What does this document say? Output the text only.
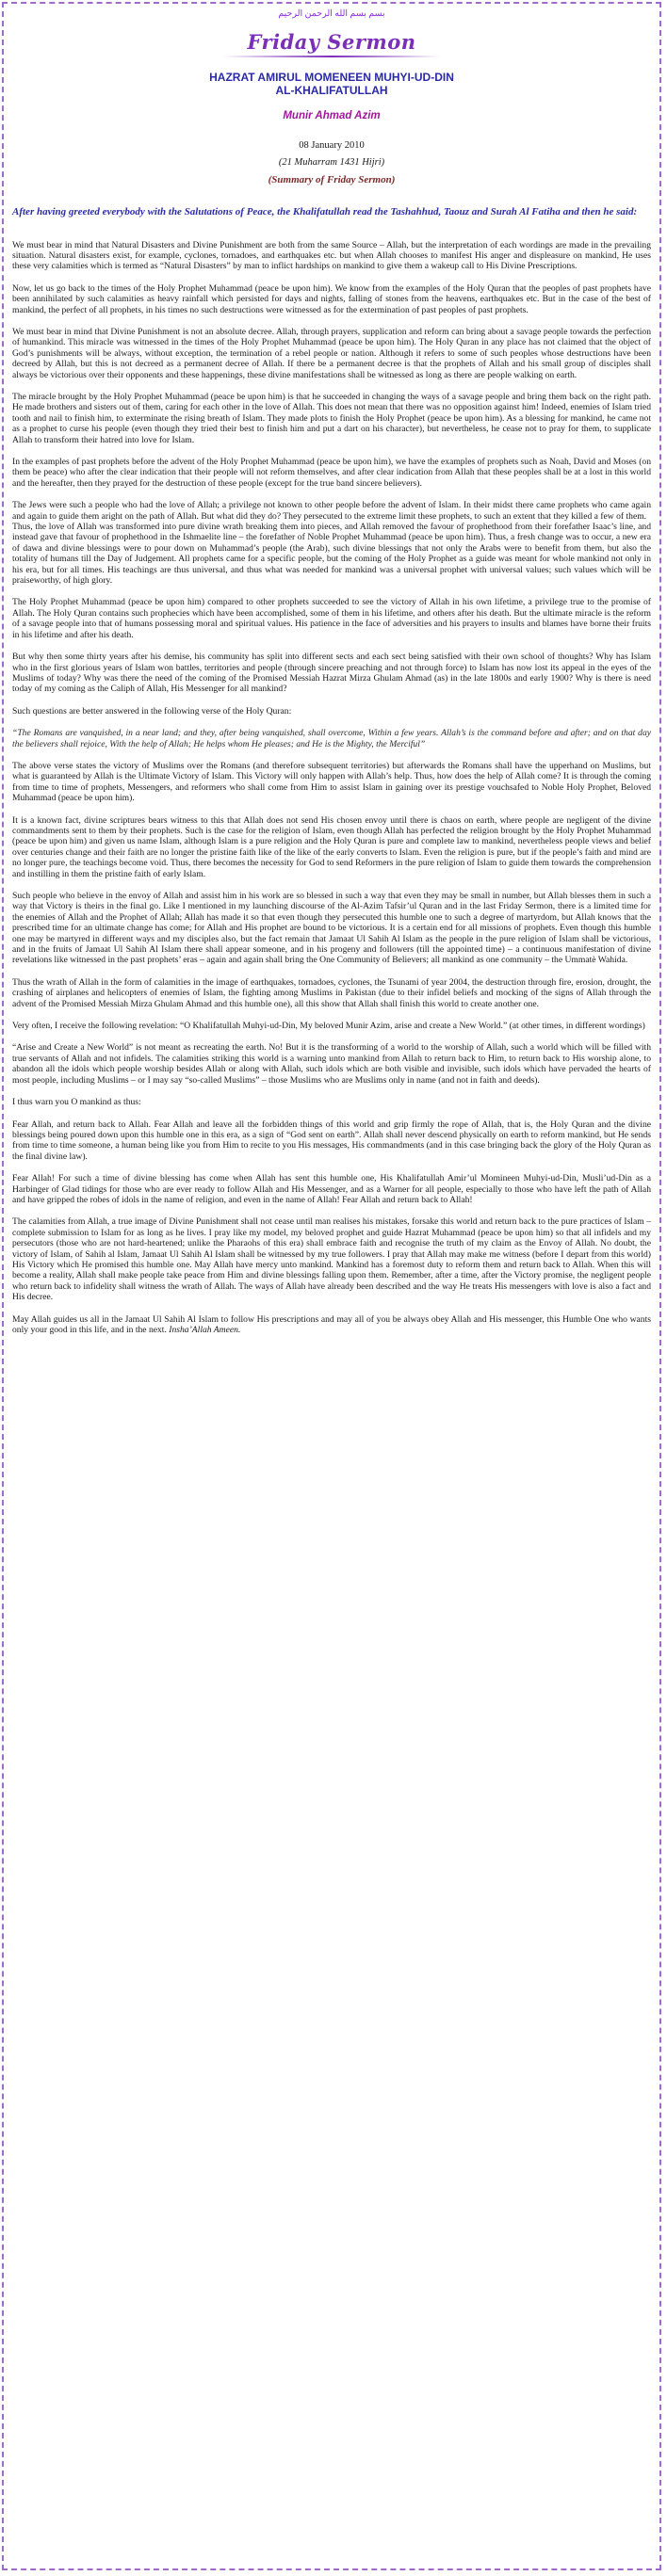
بسم بسم الله الرحمن الرحيم
Friday Sermon
HAZRAT AMIRUL MOMENEEN MUHYI-UD-DIN
AL-KHALIFATULLAH
Munir Ahmad Azim
08 January 2010
(21 Muharram 1431 Hijri)
(Summary of Friday Sermon)
After having greeted everybody with the Salutations of Peace, the Khalifatullah read the Tashahhud, Taouz and Surah Al Fatiha and then he said:

We must bear in mind that Natural Disasters and Divine Punishment are both from the same Source – Allah, but the interpretation of each wordings are made in the prevailing situation. Natural disasters exist, for example, cyclones, tornadoes, and earthquakes etc. but when Allah chooses to manifest His anger and displeasure on mankind, He uses these very calamities which is termed as “Natural Disasters” by man to inflict hardships on mankind to give them a wakeup call to His Divine Prescriptions.

Now, let us go back to the times of the Holy Prophet Muhammad (peace be upon him). We know from the examples of the Holy Quran that the peoples of past prophets have been annihilated by such calamities as heavy rainfall which persisted for days and nights, falling of stones from the heavens, earthquakes etc. But in the case of the best of mankind, the perfect of all prophets, in his times no such destructions were witnessed as for the extermination of past peoples of past prophets.

We must bear in mind that Divine Punishment is not an absolute decree. Allah, through prayers, supplication and reform can bring about a savage people towards the perfection of humankind. This miracle was witnessed in the times of the Holy Prophet Muhammad (peace be upon him). The Holy Quran in any place has not claimed that the object of God’s punishments will be always, without exception, the termination of a rebel people or nation. Although it refers to some of such peoples whose destructions have been decreed by Allah, but this is not decreed as a permanent decree of Allah. If there be a permanent decree is that the prophets of Allah and his small group of disciples shall always be victorious over their opponents and these happenings, these divine manifestations shall be witnessed as long as there are people walking on earth.

The miracle brought by the Holy Prophet Muhammad (peace be upon him) is that he succeeded in changing the ways of a savage people and bring them back on the right path. He made brothers and sisters out of them, caring for each other in the love of Allah. This does not mean that there was no opposition against him! Indeed, enemies of Islam tried tooth and nail to finish him, to exterminate the rising breath of Islam. They made plots to finish the Holy Prophet (peace be upon him). As a blessing for mankind, he came not as a prophet to curse his people (even though they tried their best to finish him and put a dart on his character), but nevertheless, he cease not to pray for them, to supplicate Allah to transform their hatred into love for Islam.

In the examples of past prophets before the advent of the Holy Prophet Muhammad (peace be upon him), we have the examples of prophets such as Noah, David and Moses (on them be peace) who after the clear indication that their people will not reform themselves, and after clear indication from Allah that these peoples shall be at a lost in this world and the hereafter, then they prayed for the destruction of these people (except for the true band sincere believers).

The Jews were such a people who had the love of Allah; a privilege not known to other people before the advent of Islam. In their midst there came prophets who came again and again to guide them aright on the path of Allah. But what did they do? They persecuted to the extreme limit these prophets, to such an extent that they killed a few of them.
Thus, the love of Allah was transformed into pure divine wrath breaking them into pieces, and Allah removed the favour of prophethood from their forefather Isaac’s line, and instead gave that favour of prophethood in the Ishmaelite line – the forefather of Noble Prophet Muhammad (peace be upon him). Thus, a fresh change was to occur, a new era of dawa and divine blessings were to pour down on Muhammad’s people (the Arab), such divine blessings that not only the Arabs were to benefit from them, but also the totality of humans till the Day of Judgement. All prophets came for a specific people, but the coming of the Holy Prophet as a guide was meant for whole mankind not only in his era, but for all times. His teachings are thus universal, and thus what was needed for mankind was a universal prophet with universal values; such values which will be praiseworthy, of high glory.

The Holy Prophet Muhammad (peace be upon him) compared to other prophets succeeded to see the victory of Allah in his own lifetime, a privilege true to the promise of Allah. The Holy Quran contains such prophecies which have been accomplished, some of them in his lifetime, and others after his death. But the ultimate miracle is the reform of a savage people into that of humans possessing moral and spiritual values. His patience in the face of adversities and his prayers to insults and blames have borne their fruits in his lifetime and after his death.

But why then some thirty years after his demise, his community has split into different sects and each sect being satisfied with their own school of thoughts? Why has Islam who in the first glorious years of Islam won battles, territories and people (through sincere preaching and not through force) to Islam has now lost its appeal in the eyes of the Muslims of today? Why was there the need of the coming of the Promised Messiah Hazrat Mirza Ghulam Ahmad (as) in the late 1800s and early 1900? Why is there is need today of my coming as the Caliph of Allah, His Messenger for all mankind?

Such questions are better answered in the following verse of the Holy Quran:

“The Romans are vanquished, in a near land; and they, after being vanquished, shall overcome, Within a few years. Allah’s is the command before and after; and on that day the believers shall rejoice, With the help of Allah; He helps whom He pleases; and He is the Mighty, the Merciful”

The above verse states the victory of Muslims over the Romans (and therefore subsequent territories) but afterwards the Romans shall have the upperhand on Muslims, but what is guaranteed by Allah is the Ultimate Victory of Islam. This Victory will only happen with Allah’s help. Thus, how does the help of Allah come? It is through the coming from time to time of prophets, Messengers, and reformers who shall come from Him to assist Islam in gaining over its prestige vouchsafed to Noble Holy Prophet, Beloved Muhammad (peace be upon him).

It is a known fact, divine scriptures bears witness to this that Allah does not send His chosen envoy until there is chaos on earth, where people are negligent of the divine commandments sent to them by their prophets. Such is the case for the religion of Islam, even though Allah has perfected the religion brought by the Holy Prophet Muhammad (peace be upon him) and given us name Islam, although Islam is a pure religion and the Holy Quran is pure and complete law to mankind, nevertheless people views and belief over centuries change and their faith are no longer the pristine faith like of the like of the early converts to Islam. Even the religion is pure, but if the people’s faith and mind are no longer pure, the teachings become void. Thus, there becomes the necessity for God to send Reformers in the pure religion of Islam to guide them towards the comprehension and instilling in them the pristine faith of early Islam.

Such people who believe in the envoy of Allah and assist him in his work are so blessed in such a way that even they may be small in number, but Allah blesses them in such a way that Victory is theirs in the final go. Like I mentioned in my launching discourse of the Al-Azim Tafsir’ul Quran and in the last Friday Sermon, there is a limited time for the enemies of Allah and the Prophet of Allah; Allah has made it so that even though they persecuted this humble one to such a degree of martyrdom, but Allah knows that the prescribed time for an ultimate change has come; for Allah and His prophet are bound to be victorious. It is a certain end for all missions of prophets. Even though this humble one may be martyred in different ways and my disciples also, but the fact remain that Jamaat Ul Sahih Al Islam as the people in the pure religion of Islam shall be victorious, and in the fruits of Jamaat Ul Sahih Al Islam there shall appear someone, and in his progeny and followers (till the appointed time) – a continuous manifestation of divine revelations like witnessed in the past prophets’ eras – again and again shall bring the One Community of Believers; all mankind as one community – the Ummatè Wahida.

Thus the wrath of Allah in the form of calamities in the image of earthquakes, tornadoes, cyclones, the Tsunami of year 2004, the destruction through fire, erosion, drought, the crashing of airplanes and helicopters of enemies of Islam, the fighting among Muslims in Pakistan (due to their infidel beliefs and mocking of the signs of Allah through the advent of the Promised Messiah Mirza Ghulam Ahmad and this humble one), all this show that Allah shall finish this world to create another one.

Very often, I receive the following revelation: “O Khalifatullah Muhyi-ud-Din, My beloved Munir Azim, arise and create a New World.” (at other times, in different wordings)

“Arise and Create a New World” is not meant as recreating the earth. No! But it is the transforming of a world to the worship of Allah, such a world which will be filled with true servants of Allah and not infidels. The calamities striking this world is a warning unto mankind from Allah to return back to Him, to return back to His worship alone, to abandon all the idols which people worship besides Allah or along with Allah, such idols which are both visible and invisible, such idols which have pervaded the hearts of most people, including Muslims – or I may say “so-called Muslims” – those Muslims who are Muslims only in name (and not in faith and deeds).

I thus warn you O mankind as thus:

Fear Allah, and return back to Allah. Fear Allah and leave all the forbidden things of this world and grip firmly the rope of Allah, that is, the Holy Quran and the divine blessings being poured down upon this humble one in this era, as a sign of “God sent on earth”. Allah shall never descend physically on earth to reform mankind, but He sends from time to time someone, a human being like you from Him to recite to you His messages, His commandments (and in this case bringing back the glory of the Holy Quran as the final divine law).

Fear Allah! For such a time of divine blessing has come when Allah has sent this humble one, His Khalifatullah Amir’ul Momineen Muhyi-ud-Din, Musli’ud-Din as a Harbinger of Glad tidings for those who are ever ready to follow Allah and His Messenger, and as a Warner for all people, especially to those who have left the path of Allah and have gripped the robes of idols in the name of religion, and even in the name of Allah! Fear Allah and return back to Allah!

The calamities from Allah, a true image of Divine Punishment shall not cease until man realises his mistakes, forsake this world and return back to the pure practices of Islam – complete submission to Islam for as long as he lives. I pray like my model, my beloved prophet and guide Hazrat Muhammad (peace be upon him) so that all infidels and my persecutors (those who are not hard-heartened; unlike the Pharaohs of this era) shall embrace faith and recognise the truth of my claim as the Envoy of Allah. No doubt, the victory of Islam, of Sahih al Islam, Jamaat Ul Sahih Al Islam shall be witnessed by my true followers. I pray that Allah may make me witness (before I depart from this world) His Victory which He promised this humble one. May Allah have mercy unto mankind. Mankind has a foremost duty to reform them and return back to Allah. When this will become a reality, Allah shall make people take peace from Him and divine blessings falling upon them. Remember, after a time, after the Victory promise, the negligent people who return back to infidelity shall witness the wrath of Allah. The ways of Allah have already been described and the way He treats His messengers with love is also a fact and His decree.

May Allah guides us all in the Jamaat Ul Sahih Al Islam to follow His prescriptions and may all of you be always obey Allah and His messenger, this Humble One who wants only your good in this life, and in the next. Insha’Allah Ameen.
